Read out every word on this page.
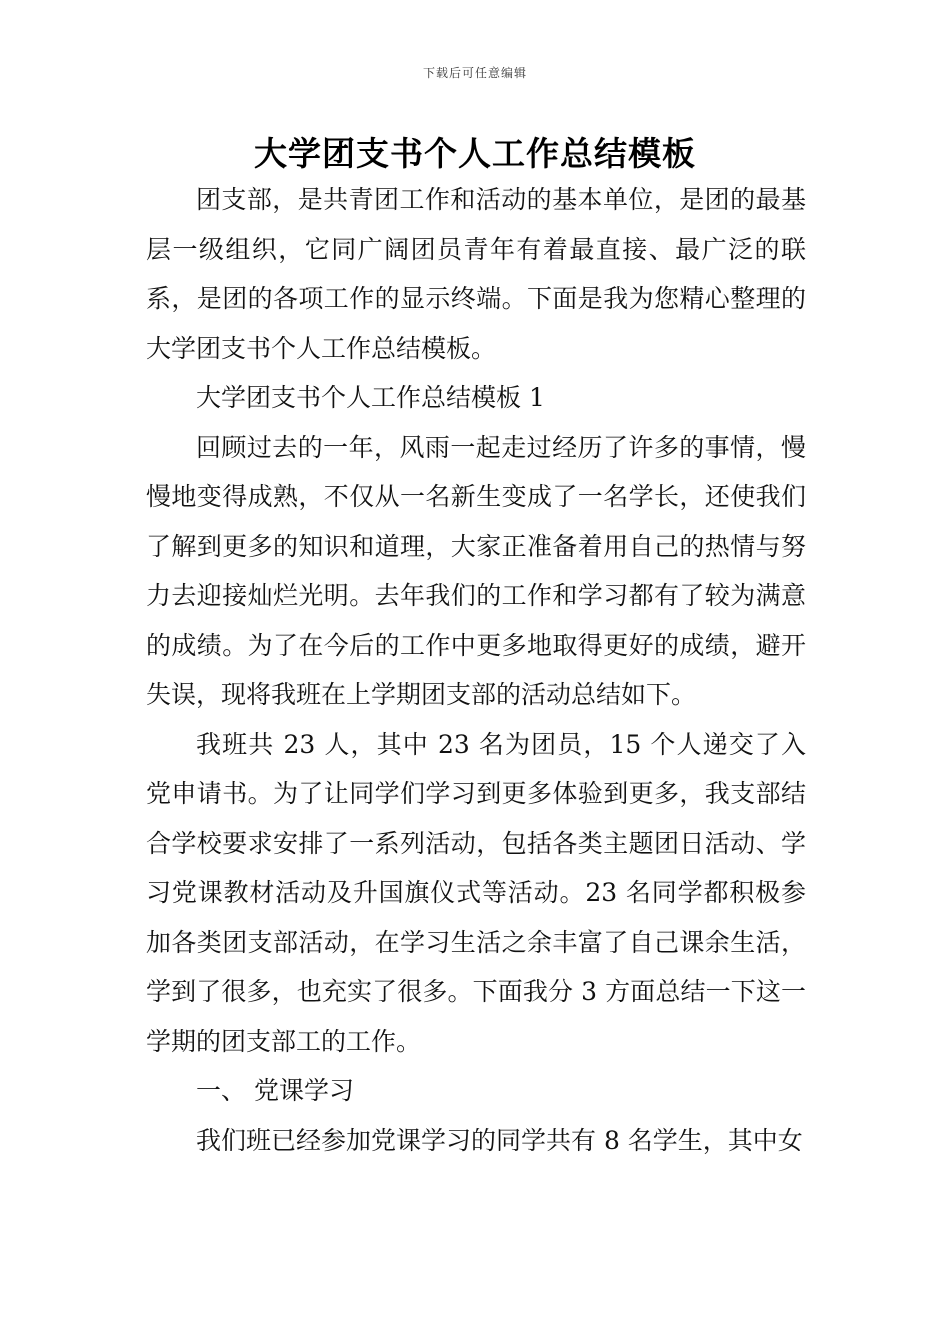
下载后可任意编辑
大学团支书个人工作总结模板

团支部，是共青团工作和活动的基本单位，是团的最基层一级组织，它同广阔团员青年有着最直接、最广泛的联系，是团的各项工作的显示终端。下面是我为您精心整理的大学团支书个人工作总结模板。

大学团支书个人工作总结模板 1

回顾过去的一年，风雨一起走过经历了许多的事情，慢慢地变得成熟，不仅从一名新生变成了一名学长，还使我们了解到更多的知识和道理，大家正准备着用自己的热情与努力去迎接灿烂光明。去年我们的工作和学习都有了较为满意的成绩。为了在今后的工作中更多地取得更好的成绩，避开失误，现将我班在上学期团支部的活动总结如下。

我班共 23 人，其中 23 名为团员，15 个人递交了入党申请书。为了让同学们学习到更多体验到更多，我支部结合学校要求安排了一系列活动，包括各类主题团日活动、学习党课教材活动及升国旗仪式等活动。23 名同学都积极参加各类团支部活动，在学习生活之余丰富了自己课余生活，学到了很多，也充实了很多。下面我分 3 方面总结一下这一学期的团支部工的工作。

一、 党课学习

我们班已经参加党课学习的同学共有 8 名学生，其中女
